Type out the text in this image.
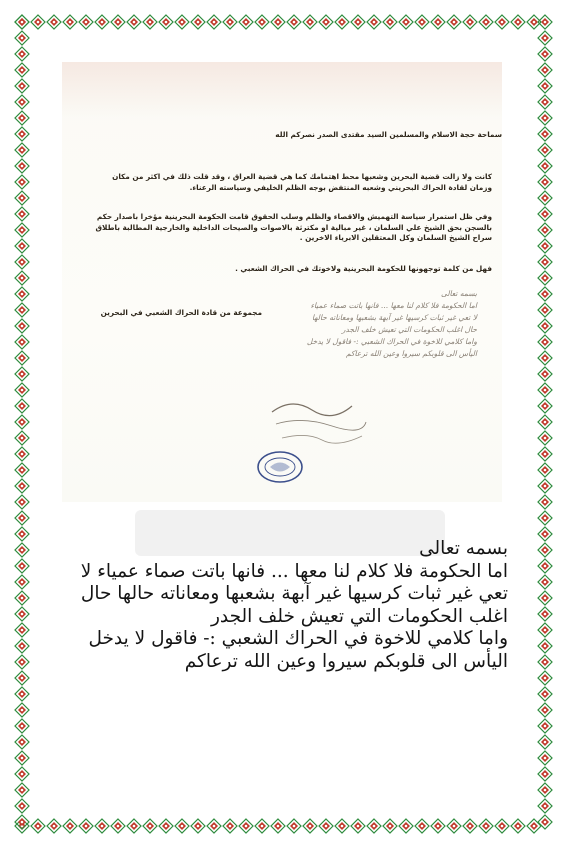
سماحة حجة الاسلام والمسلمين السيد مقتدى الصدر نصركم الله
كانت ولا زالت قضية البحرين وشعبها محط اهتمامك كما هي قضية العراق ، وقد قلت ذلك في اكثر من مكان وزمان لقادة الحراك البحريني وشعبه المنتفض بوجه الظلم الخليفي وسياسته الرعناء.
وفي ظل استمرار سياسة التهميش والاقصاء والظلم وسلب الحقوق قامت الحكومة البحرينية مؤخرا باصدار حكم بالسجن بحق الشيخ علي السلمان ، غير مبالية او مكترثة بالاصوات والصيحات الداخلية والخارجية المطالبة باطلاق سراح الشيخ السلمان وكل المعتقلين الابرياء الاخرين .
فهل من كلمة توجهونها للحكومة البحرينية ولاخوتك في الحراك الشعبي .
مجموعة من قادة الحراك الشعبي في البحرين
بسمه تعالى
اما الحكومة فلا كلام لنا معها ... فانها باتت صماء عمياء
لا تعي غير ثبات كرسيها غير آبهة بشعبها ومعاناته حالها
حال اغلب الحكومات التي تعيش خلف الجدر
واما كلامي للاخوة في الحراك الشعبي :- فاقول لا يدخل
اليأس الى قلوبكم سيروا وعين الله ترعاكم
بسمه تعالى
اما الحكومة فلا كلام لنا معها ... فانها باتت صماء عمياء لا
تعي غير ثبات كرسيها غير آبهة بشعبها ومعاناته حالها حال
اغلب الحكومات التي تعيش خلف الجدر
واما كلامي للاخوة في الحراك الشعبي :- فاقول لا يدخل
اليأس الى قلوبكم سيروا وعين الله ترعاكم
